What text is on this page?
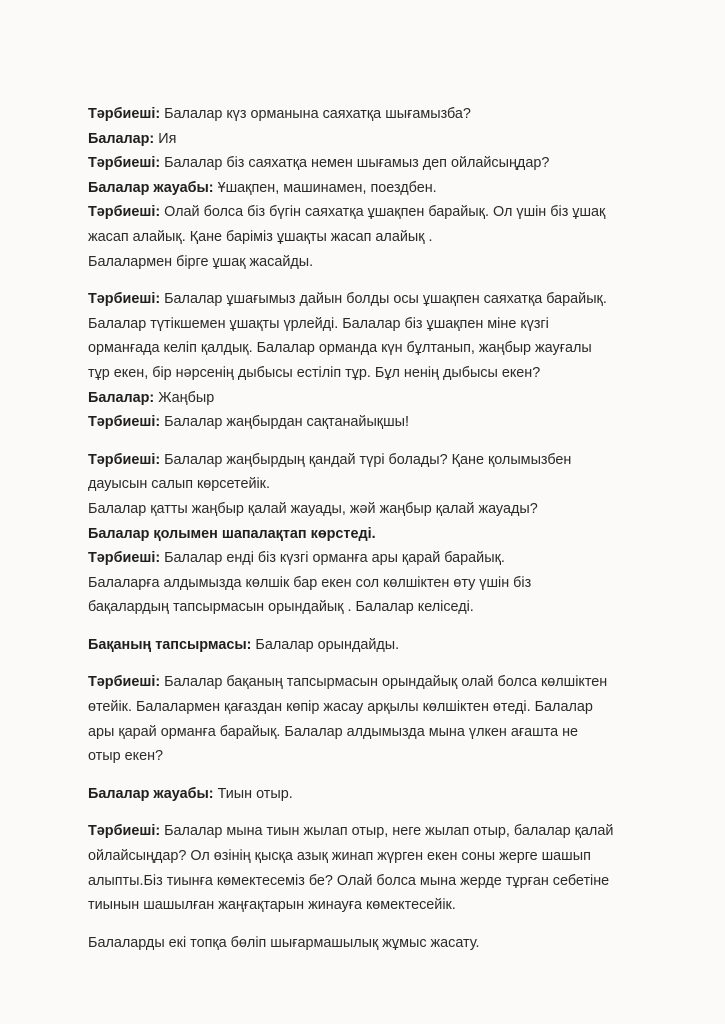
Тәрбиеші: Балалар күз орманына саяхатқа шығамызба?

Балалар: Ия

Тәрбиеші: Балалар біз саяхатқа немен шығамыз деп ойлайсыңдар?

Балалар жауабы: Ұшақпен, машинамен, поездбен.

Тәрбиеші: Олай болса біз бүгін саяхатқа ұшақпен барайық. Ол үшін біз ұшақ

жасап алайық. Қане баріміз ұшақты жасап алайық .

Балалармен бірге ұшақ жасайды.

Тәрбиеші: Балалар ұшағымыз дайын болды осы ұшақпен саяхатқа барайық.

Балалар түтікшемен ұшақты үрлейді. Балалар біз ұшақпен міне күзгі

орманғада келіп қалдық. Балалар орманда күн бұлтанып, жаңбыр жауғалы

тұр екен, бір нәрсенің дыбысы естіліп тұр. Бұл ненің дыбысы екен?

Балалар: Жаңбыр

Тәрбиеші: Балалар жаңбырдан сақтанайықшы!

Тәрбиеші: Балалар жаңбырдың қандай түрі болады? Қане қолымызбен

дауысын салып көрсетейік.

Балалар қатты жаңбыр қалай жауады, жәй жаңбыр қалай жауады?

Балалар қолымен шапалақтап көрстеді.

Тәрбиеші: Балалар енді біз күзгі орманға ары қарай барайық.

Балаларға алдымызда көлшік бар екен сол көлшіктен өту үшін біз

бақалардың тапсырмасын орындайық . Балалар келіседі.

Бақаның тапсырмасы: Балалар орындайды.

Тәрбиеші: Балалар бақаның тапсырмасын орындайық олай болса көлшіктен

өтейік. Балалармен қағаздан көпір жасау арқылы көлшіктен өтеді. Балалар

ары қарай орманға барайық. Балалар алдымызда мына үлкен ағашта не

отыр екен?

Балалар жауабы: Тиын отыр.

Тәрбиеші: Балалар мына тиын жылап отыр, неге жылап отыр, балалар қалай

ойлайсыңдар? Ол өзінің қысқа азық жинап жүрген екен соны жерге шашып

алыпты.Біз тиынға көмектесеміз бе? Олай болса мына жерде тұрған себетіне

тиынын шашылған жаңғақтарын жинауға көмектесейік.

Балаларды екі топқа бөліп шығармашылық жұмыс жасату.
